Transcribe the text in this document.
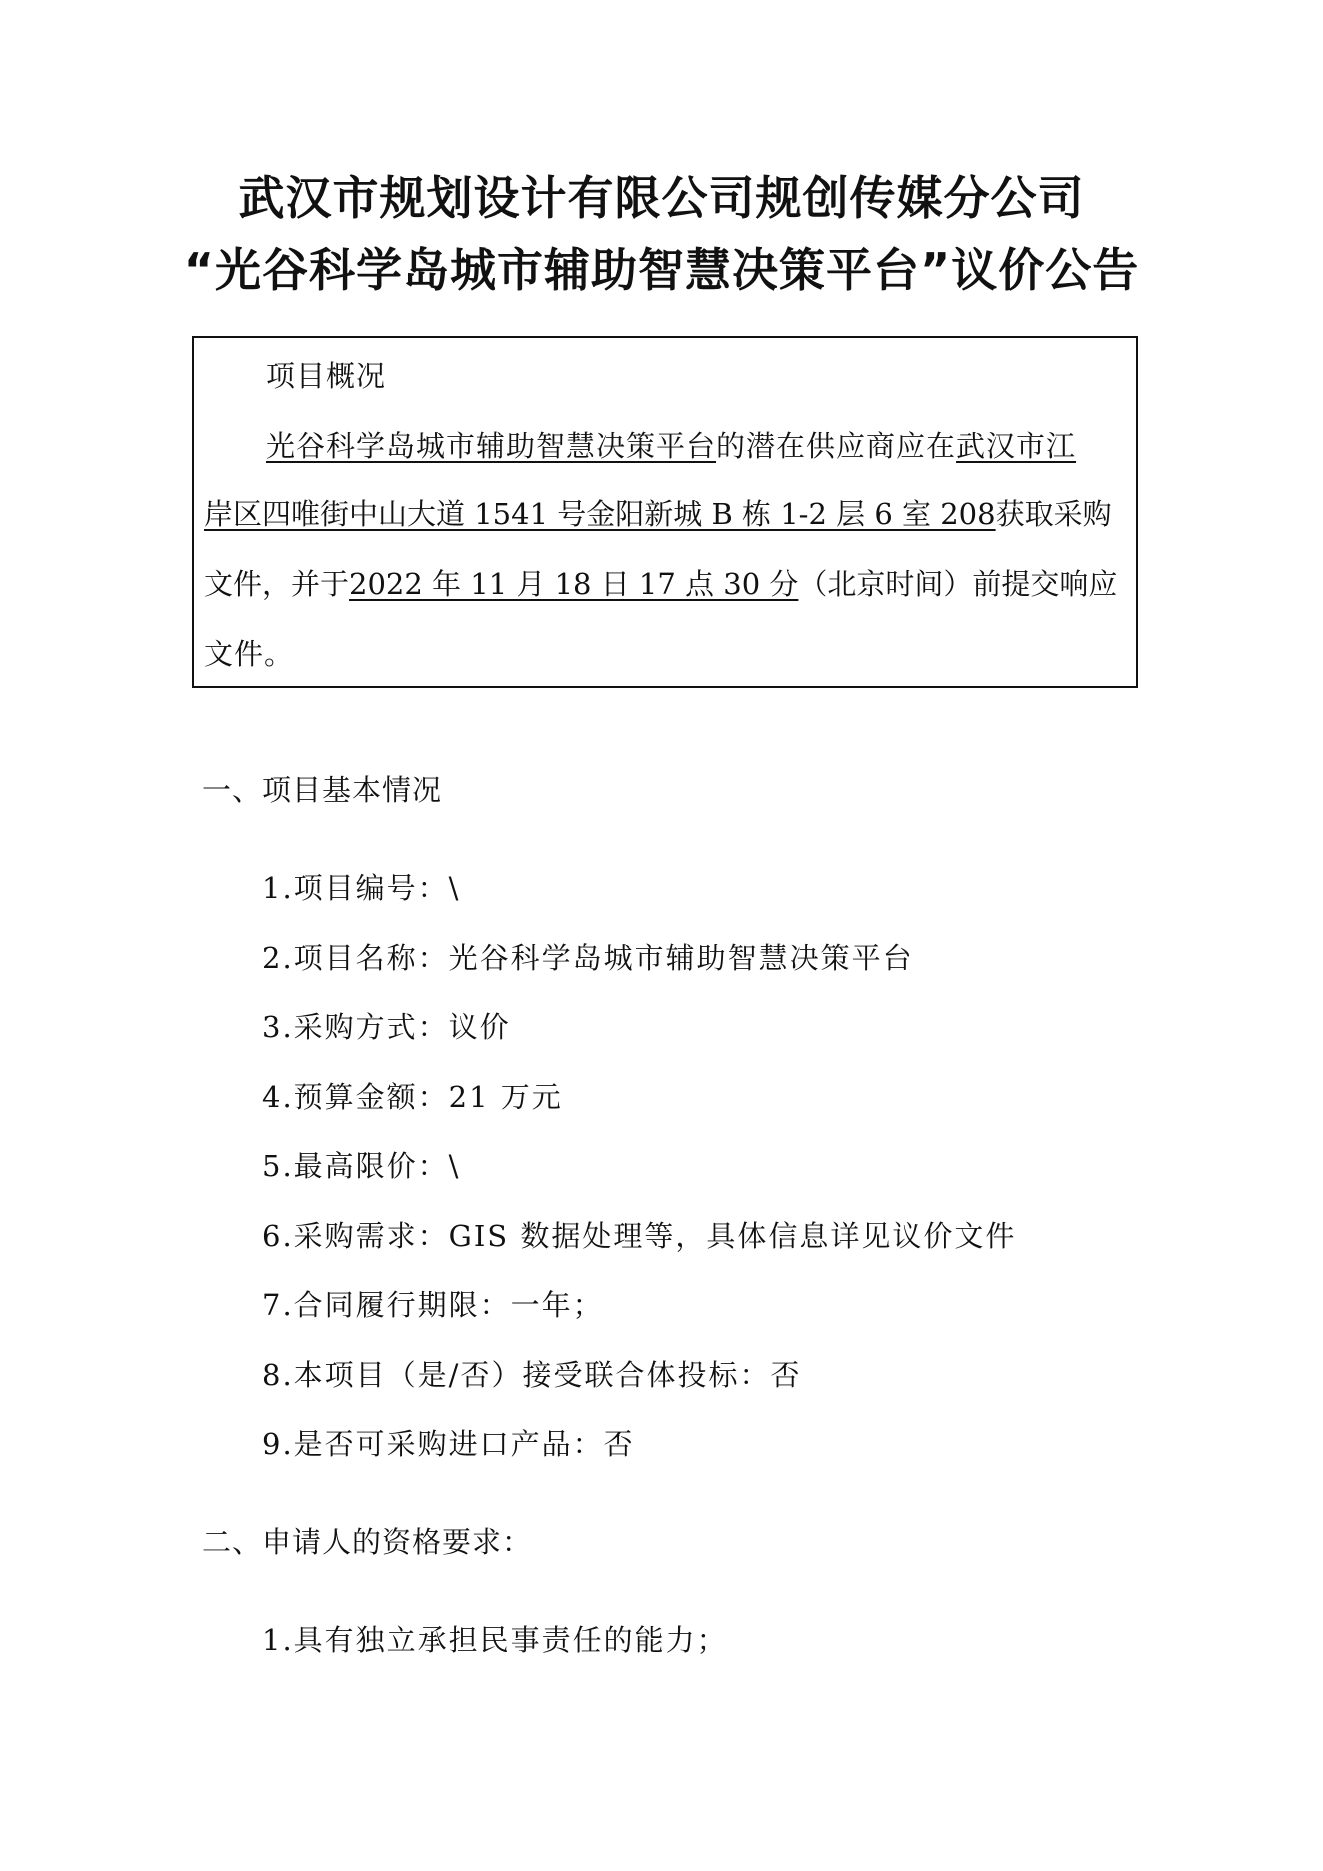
武汉市规划设计有限公司规创传媒分公司
“光谷科学岛城市辅助智慧决策平台”议价公告
项目概况
光谷科学岛城市辅助智慧决策平台的潜在供应商应在武汉市江
岸区四唯街中山大道 1541 号金阳新城 B 栋 1-2 层 6 室 208获取采购
文件，并于2022 年 11 月 18 日 17 点 30 分（北京时间）前提交响应
文件。
一、项目基本情况
1.项目编号：\
2.项目名称：光谷科学岛城市辅助智慧决策平台
3.采购方式：议价
4.预算金额：21 万元
5.最高限价：\
6.采购需求：GIS 数据处理等，具体信息详见议价文件
7.合同履行期限：一年；
8.本项目（是/否）接受联合体投标：否
9.是否可采购进口产品：否
二、申请人的资格要求：
1.具有独立承担民事责任的能力；
